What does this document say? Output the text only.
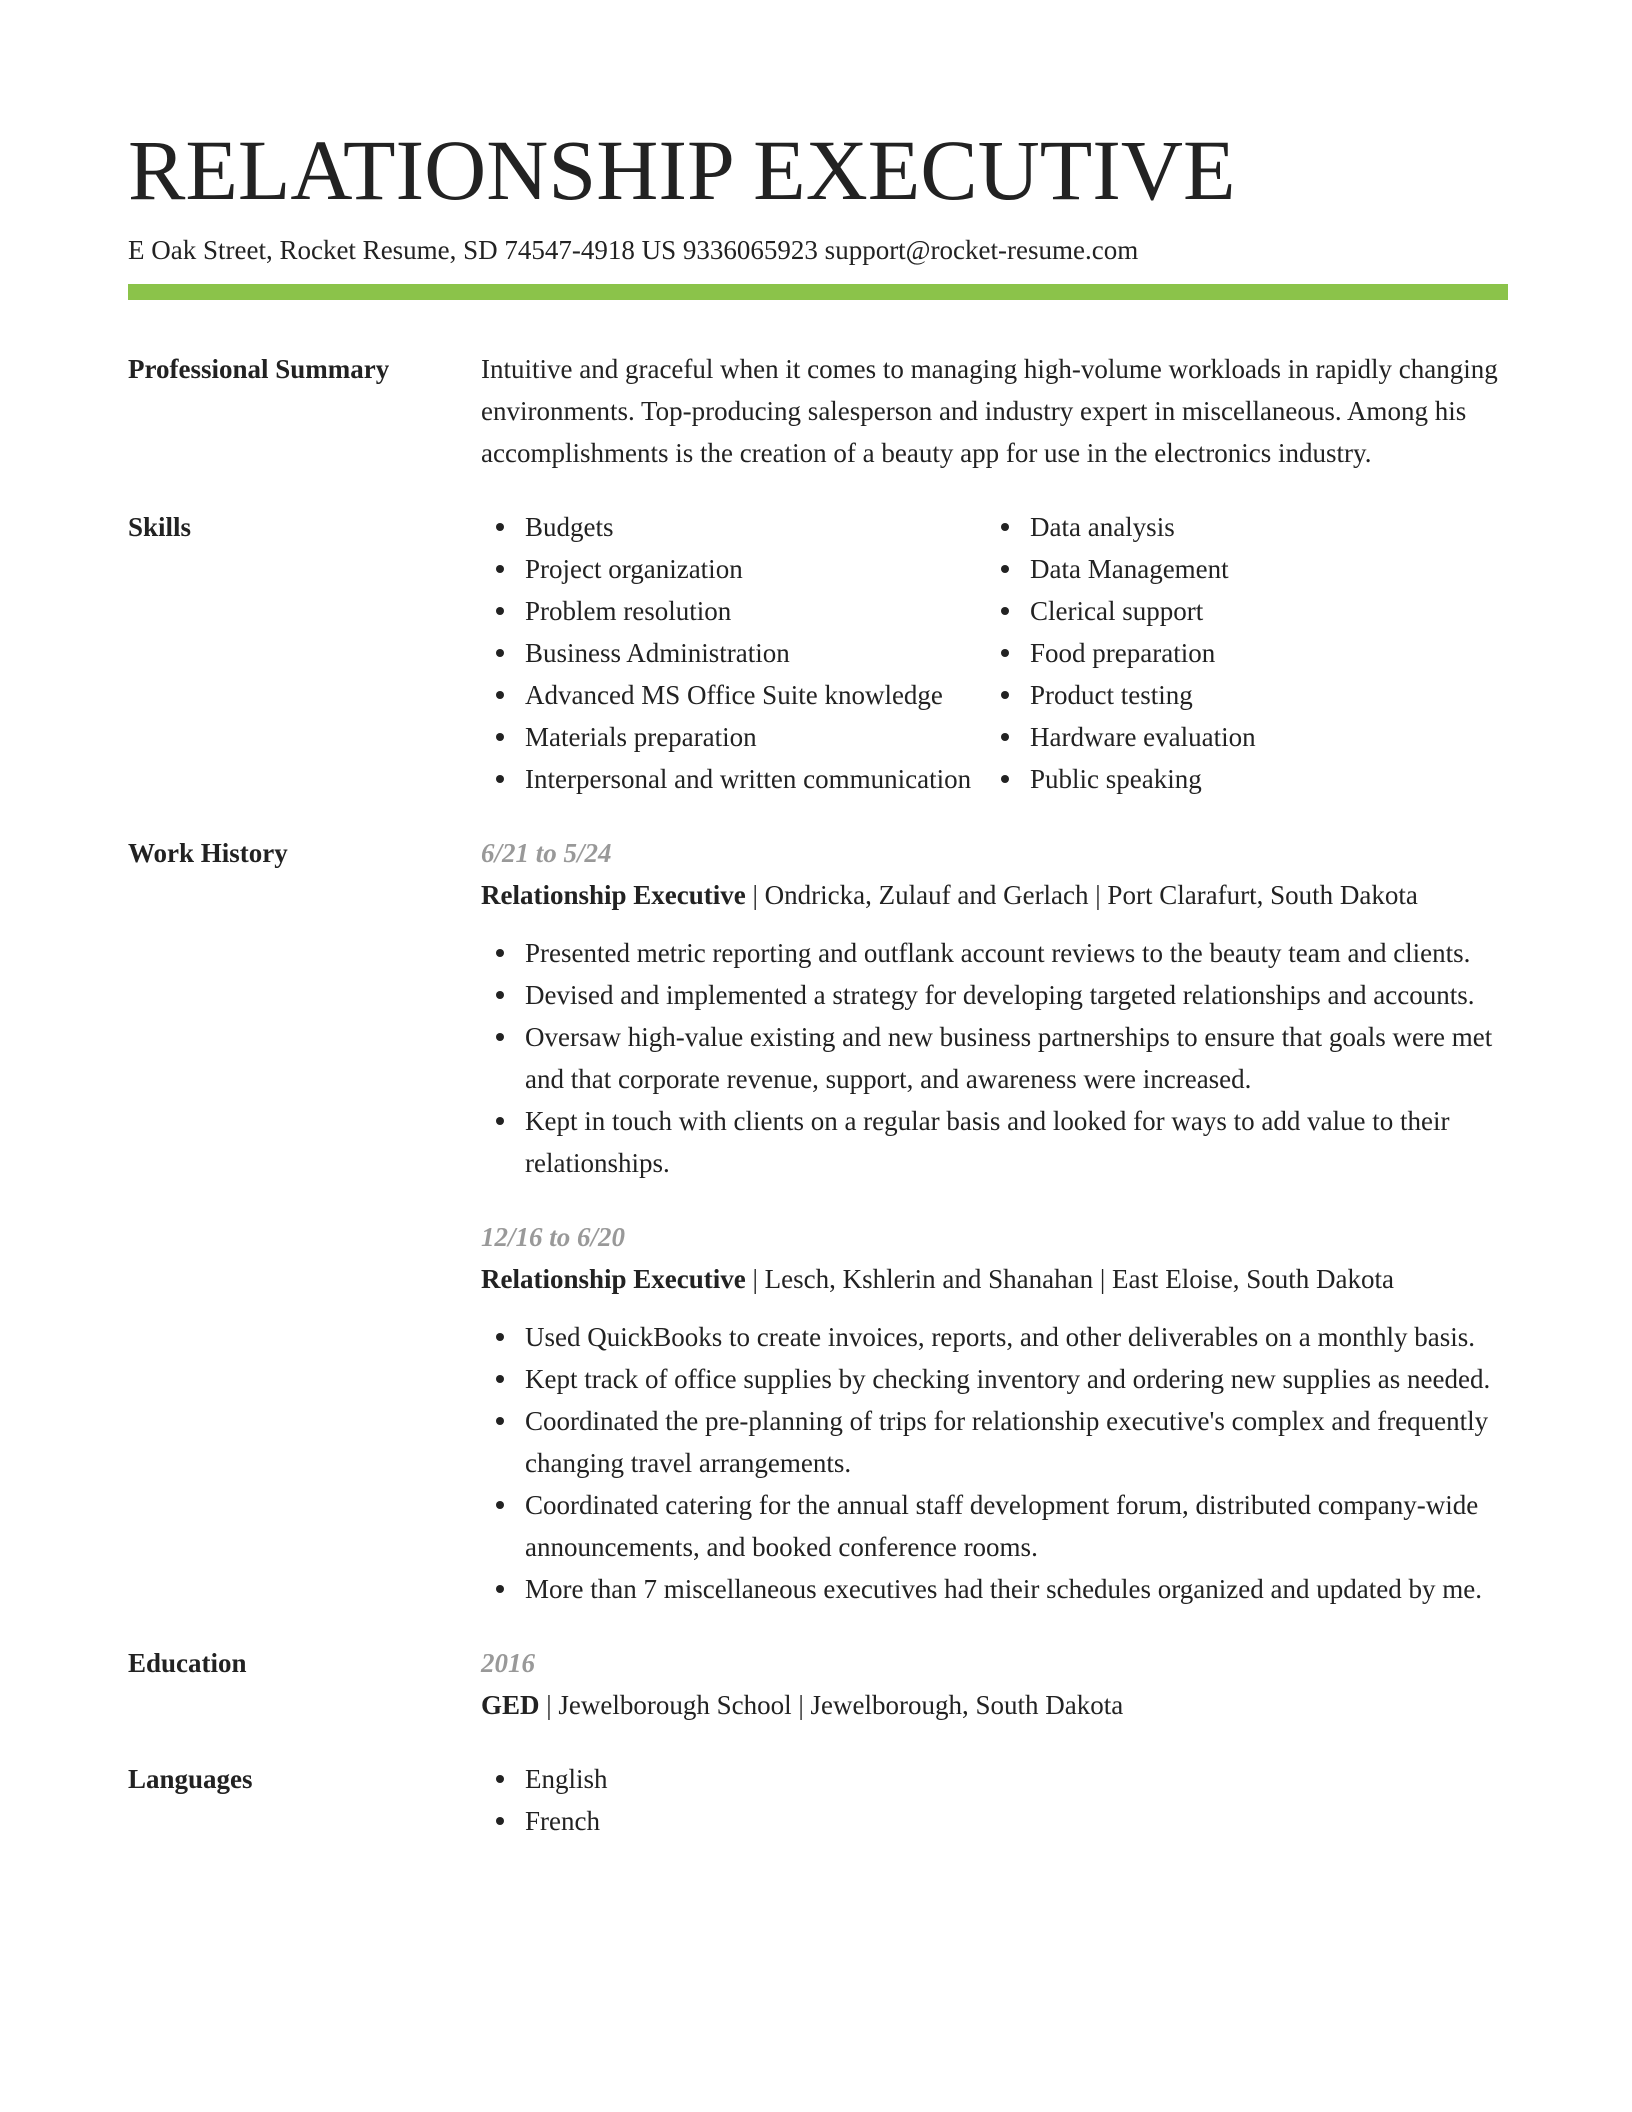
RELATIONSHIP EXECUTIVE
E Oak Street, Rocket Resume, SD 74547-4918 US 9336065923 support@rocket-resume.com
Professional Summary	Intuitive and graceful when it comes to managing high-volume workloads in rapidly changing environments. Top-producing salesperson and industry expert in miscellaneous. Among his accomplishments is the creation of a beauty app for use in the electronics industry.

Skills	Budgets
Project organization
Problem resolution
Business Administration
Advanced MS Office Suite knowledge
Materials preparation
Interpersonal and written communication
Data analysis
Data Management
Clerical support
Food preparation
Product testing
Hardware evaluation
Public speaking
Work History	6/21 to 5/24
Relationship Executive | Ondricka, Zulauf and Gerlach | Port Clarafurt, South Dakota
Presented metric reporting and outflank account reviews to the beauty team and clients.
Devised and implemented a strategy for developing targeted relationships and accounts.
Oversaw high-value existing and new business partnerships to ensure that goals were met and that corporate revenue, support, and awareness were increased.
Kept in touch with clients on a regular basis and looked for ways to add value to their relationships.
12/16 to 6/20
Relationship Executive | Lesch, Kshlerin and Shanahan | East Eloise, South Dakota
Used QuickBooks to create invoices, reports, and other deliverables on a monthly basis.
Kept track of office supplies by checking inventory and ordering new supplies as needed.
Coordinated the pre-planning of trips for relationship executive's complex and frequently changing travel arrangements.
Coordinated catering for the annual staff development forum, distributed company-wide announcements, and booked conference rooms.
More than 7 miscellaneous executives had their schedules organized and updated by me.
Education	2016
GED | Jewelborough School | Jewelborough, South Dakota
Languages	English
French
